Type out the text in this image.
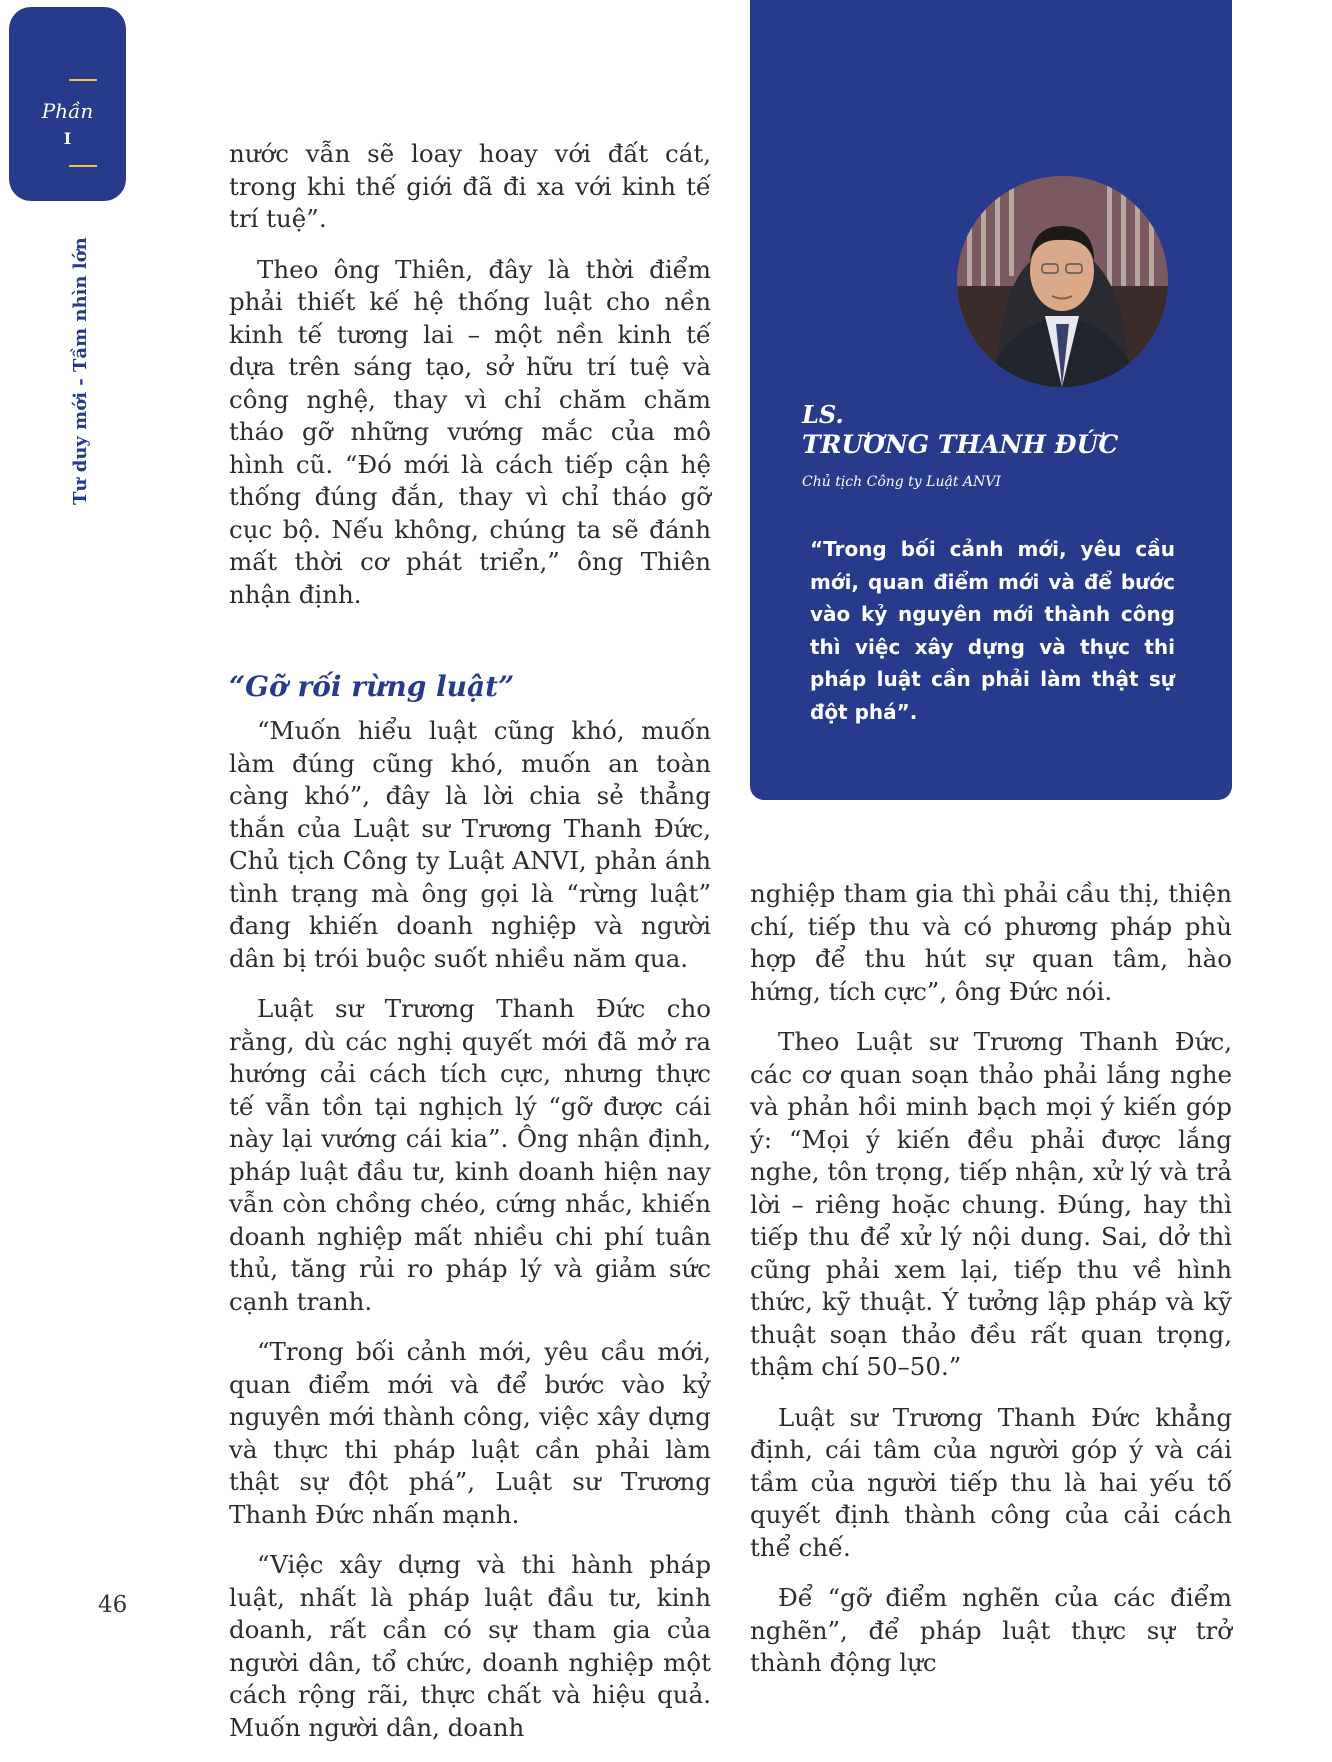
Phần
I
Tư duy mới - Tầm nhìn lớn

nước vẫn sẽ loay hoay với đất cát, trong khi thế giới đã đi xa với kinh tế trí tuệ”.

Theo ông Thiên, đây là thời điểm phải thiết kế hệ thống luật cho nền kinh tế tương lai – một nền kinh tế dựa trên sáng tạo, sở hữu trí tuệ và công nghệ, thay vì chỉ chăm chăm tháo gỡ những vướng mắc của mô hình cũ. “Đó mới là cách tiếp cận hệ thống đúng đắn, thay vì chỉ tháo gỡ cục bộ. Nếu không, chúng ta sẽ đánh mất thời cơ phát triển,” ông Thiên nhận định.

“Gỡ rối rừng luật”

“Muốn hiểu luật cũng khó, muốn làm đúng cũng khó, muốn an toàn càng khó”, đây là lời chia sẻ thẳng thắn của Luật sư Trương Thanh Đức, Chủ tịch Công ty Luật ANVI, phản ánh tình trạng mà ông gọi là “rừng luật” đang khiến doanh nghiệp và người dân bị trói buộc suốt nhiều năm qua.

Luật sư Trương Thanh Đức cho rằng, dù các nghị quyết mới đã mở ra hướng cải cách tích cực, nhưng thực tế vẫn tồn tại nghịch lý “gỡ được cái này lại vướng cái kia”. Ông nhận định, pháp luật đầu tư, kinh doanh hiện nay vẫn còn chồng chéo, cứng nhắc, khiến doanh nghiệp mất nhiều chi phí tuân thủ, tăng rủi ro pháp lý và giảm sức cạnh tranh.

“Trong bối cảnh mới, yêu cầu mới, quan điểm mới và để bước vào kỷ nguyên mới thành công, việc xây dựng và thực thi pháp luật cần phải làm thật sự đột phá”, Luật sư Trương Thanh Đức nhấn mạnh.

“Việc xây dựng và thi hành pháp luật, nhất là pháp luật đầu tư, kinh doanh, rất cần có sự tham gia của người dân, tổ chức, doanh nghiệp một cách rộng rãi, thực chất và hiệu quả. Muốn người dân, doanh

LS.
TRƯƠNG THANH ĐỨC
Chủ tịch Công ty Luật ANVI
“Trong bối cảnh mới, yêu cầu mới, quan điểm mới và để bước vào kỷ nguyên mới thành công thì việc xây dựng và thực thi pháp luật cần phải làm thật sự đột phá”.

nghiệp tham gia thì phải cầu thị, thiện chí, tiếp thu và có phương pháp phù hợp để thu hút sự quan tâm, hào hứng, tích cực”, ông Đức nói.

Theo Luật sư Trương Thanh Đức, các cơ quan soạn thảo phải lắng nghe và phản hồi minh bạch mọi ý kiến góp ý: “Mọi ý kiến đều phải được lắng nghe, tôn trọng, tiếp nhận, xử lý và trả lời – riêng hoặc chung. Đúng, hay thì tiếp thu để xử lý nội dung. Sai, dở thì cũng phải xem lại, tiếp thu về hình thức, kỹ thuật. Ý tưởng lập pháp và kỹ thuật soạn thảo đều rất quan trọng, thậm chí 50–50.”

Luật sư Trương Thanh Đức khẳng định, cái tâm của người góp ý và cái tầm của người tiếp thu là hai yếu tố quyết định thành công của cải cách thể chế.

Để “gỡ điểm nghẽn của các điểm nghẽn”, để pháp luật thực sự trở thành động lực

46
